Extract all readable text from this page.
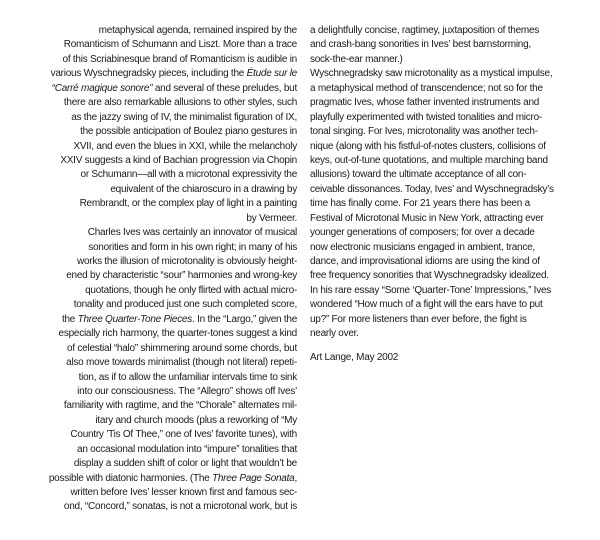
metaphysical agenda, remained inspired by the
Romanticism of Schumann and Liszt. More than a trace
of this Scriabinesque brand of Romanticism is audible in
various Wyschnegradsky pieces, including the Étude sur le
“Carré magique sonore” and several of these preludes, but
there are also remarkable allusions to other styles, such
as the jazzy swing of IV, the minimalist figuration of IX,
the possible anticipation of Boulez piano gestures in
XVII, and even the blues in XXI, while the melancholy
XXIV suggests a kind of Bachian progression via Chopin
or Schumann—all with a microtonal expressivity the
equivalent of the chiaroscuro in a drawing by
Rembrandt, or the complex play of light in a painting
by Vermeer.
Charles Ives was certainly an innovator of musical
sonorities and form in his own right; in many of his
works the illusion of microtonality is obviously height-
ened by characteristic “sour” harmonies and wrong-key
quotations, though he only flirted with actual micro-
tonality and produced just one such completed score,
the Three Quarter-Tone Pieces. In the “Largo,” given the
especially rich harmony, the quarter-tones suggest a kind
of celestial “halo” shimmering around some chords, but
also move towards minimalist (though not literal) repeti-
tion, as if to allow the unfamiliar intervals time to sink
into our consciousness. The “Allegro” shows off Ives’
familiarity with ragtime, and the “Chorale” alternates mil-
itary and church moods (plus a reworking of “My
Country ’Tis Of Thee,” one of Ives’ favorite tunes), with
an occasional modulation into “impure” tonalities that
display a sudden shift of color or light that wouldn’t be
possible with diatonic harmonies. (The Three Page Sonata,
written before Ives’ lesser known first and famous sec-
ond, “Concord,” sonatas, is not a microtonal work, but is
a delightfully concise, ragtimey, juxtaposition of themes
and crash-bang sonorities in Ives’ best barnstorming,
sock-the-ear manner.)
Wyschnegradsky saw microtonality as a mystical impulse,
a metaphysical method of transcendence; not so for the
pragmatic Ives, whose father invented instruments and
playfully experimented with twisted tonalities and micro-
tonal singing. For Ives, microtonality was another tech-
nique (along with his fistful-of-notes clusters, collisions of
keys, out-of-tune quotations, and multiple marching band
allusions) toward the ultimate acceptance of all con-
ceivable dissonances. Today, Ives’ and Wyschnegradsky’s
time has finally come. For 21 years there has been a
Festival of Microtonal Music in New York, attracting ever
younger generations of composers; for over a decade
now electronic musicians engaged in ambient, trance,
dance, and improvisational idioms are using the kind of
free frequency sonorities that Wyschnegradsky idealized.
In his rare essay “Some ‘Quarter-Tone’ Impressions,” Ives
wondered “How much of a fight will the ears have to put
up?” For more listeners than ever before, the fight is
nearly over.
Art Lange, May 2002
